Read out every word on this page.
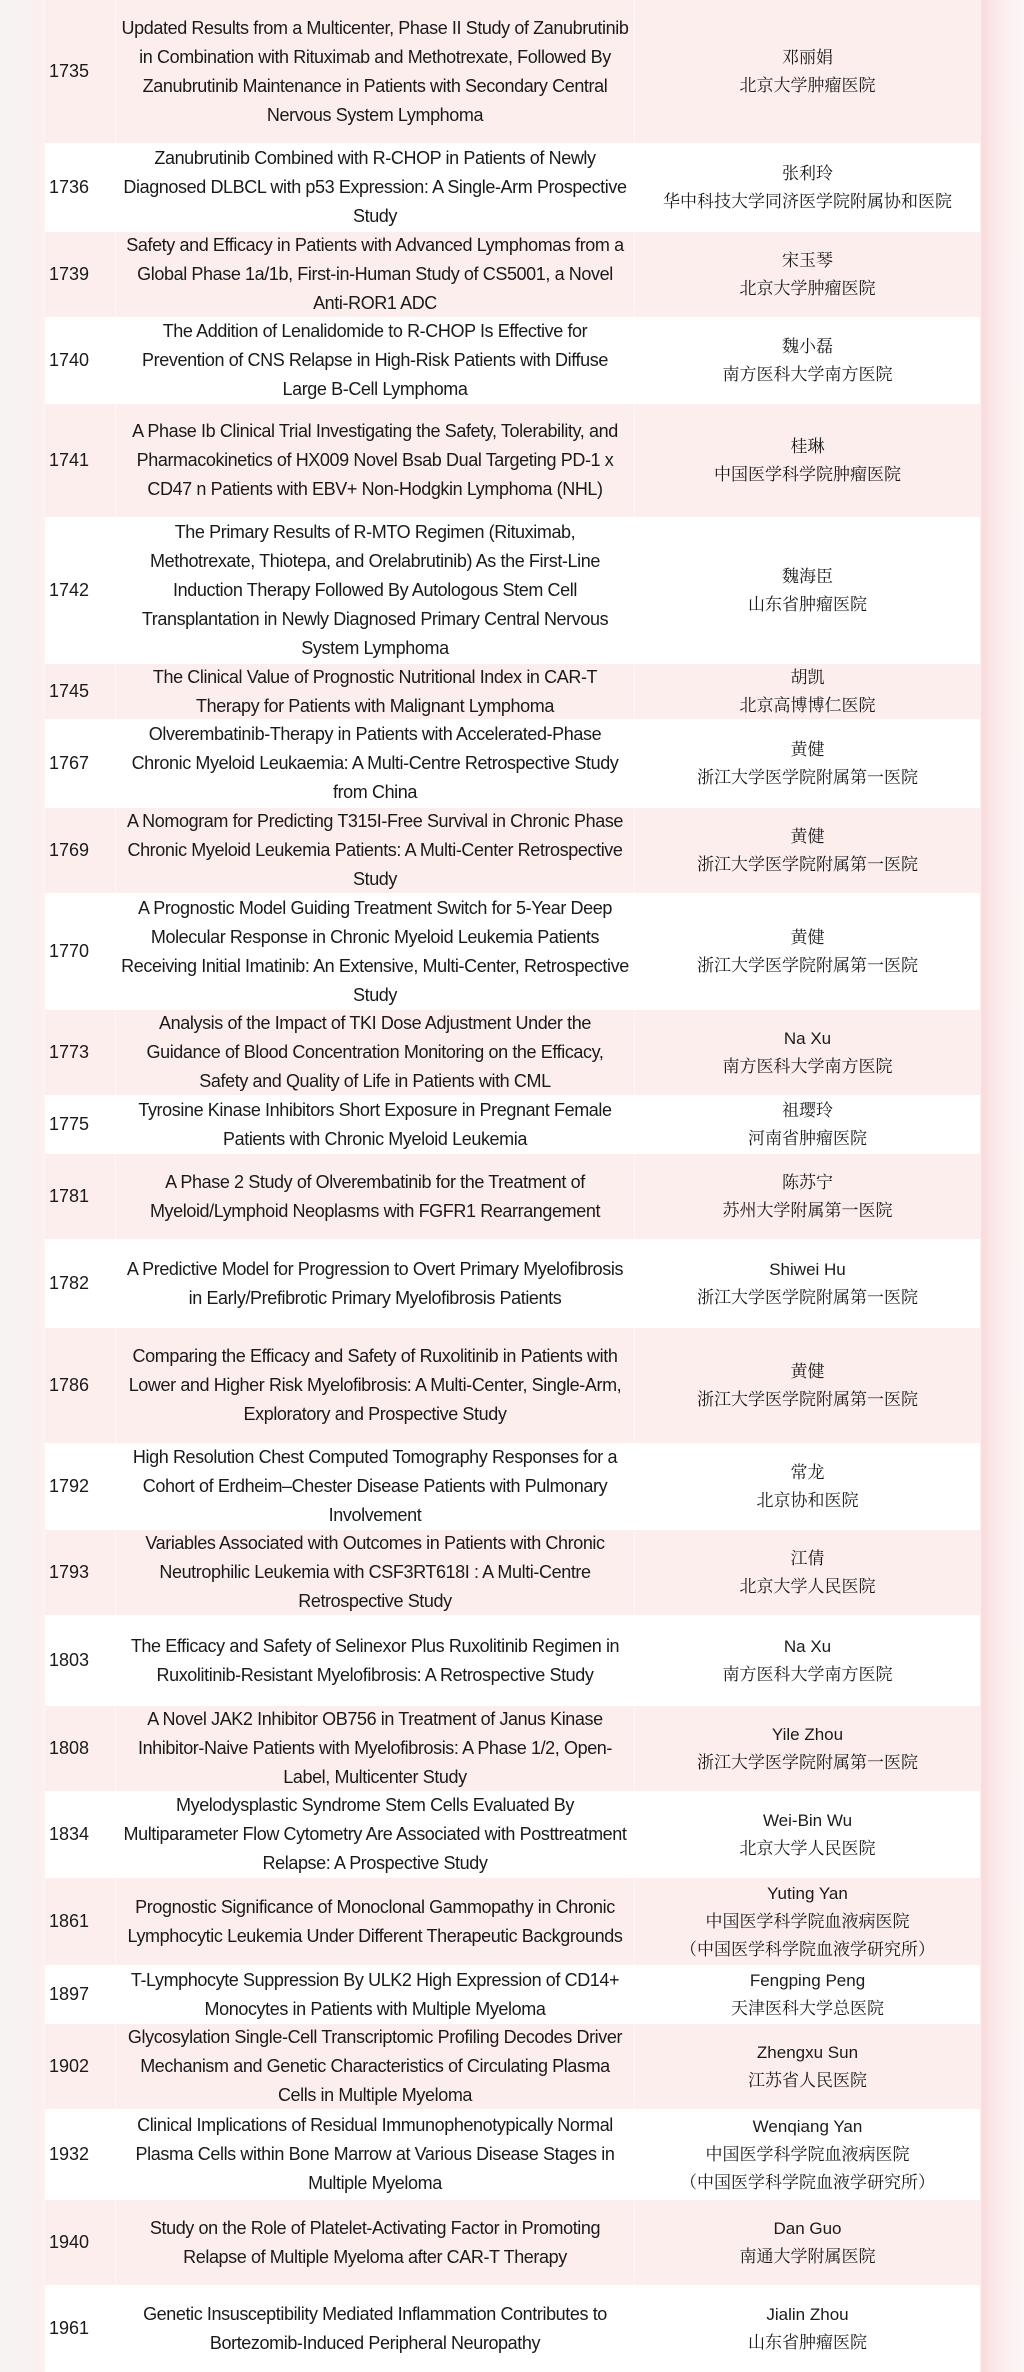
1735
Updated Results from a Multicenter, Phase II Study of Zanubrutinib in Combination with Rituximab and Methotrexate, Followed By Zanubrutinib Maintenance in Patients with Secondary Central Nervous System Lymphoma
邓丽娟
北京大学肿瘤医院
1736
Zanubrutinib Combined with R-CHOP in Patients of Newly Diagnosed DLBCL with p53 Expression: A Single-Arm Prospective Study
张利玲
华中科技大学同济医学院附属协和医院
1739
Safety and Efficacy in Patients with Advanced Lymphomas from a Global Phase 1a/1b, First-in-Human Study of CS5001, a Novel Anti-ROR1 ADC
宋玉琴
北京大学肿瘤医院
1740
The Addition of Lenalidomide to R-CHOP Is Effective for Prevention of CNS Relapse in High-Risk Patients with Diffuse Large B-Cell Lymphoma
魏小磊
南方医科大学南方医院
1741
A Phase Ib Clinical Trial Investigating the Safety, Tolerability, and Pharmacokinetics of HX009 Novel Bsab Dual Targeting PD-1 x CD47 n Patients with EBV+ Non-Hodgkin Lymphoma (NHL)
桂琳
中国医学科学院肿瘤医院
1742
The Primary Results of R-MTO Regimen (Rituximab, Methotrexate, Thiotepa, and Orelabrutinib) As the First-Line Induction Therapy Followed By Autologous Stem Cell Transplantation in Newly Diagnosed Primary Central Nervous System Lymphoma
魏海臣
山东省肿瘤医院
1745
The Clinical Value of Prognostic Nutritional Index in CAR-T Therapy for Patients with Malignant Lymphoma
胡凯
北京高博博仁医院
1767
Olverembatinib-Therapy in Patients with Accelerated-Phase Chronic Myeloid Leukaemia: A Multi-Centre Retrospective Study from China
黄健
浙江大学医学院附属第一医院
1769
A Nomogram for Predicting T315I-Free Survival in Chronic Phase Chronic Myeloid Leukemia Patients: A Multi-Center Retrospective Study
黄健
浙江大学医学院附属第一医院
1770
A Prognostic Model Guiding Treatment Switch for 5-Year Deep Molecular Response in Chronic Myeloid Leukemia Patients Receiving Initial Imatinib: An Extensive, Multi-Center, Retrospective Study
黄健
浙江大学医学院附属第一医院
1773
Analysis of the Impact of TKI Dose Adjustment Under the Guidance of Blood Concentration Monitoring on the Efficacy, Safety and Quality of Life in Patients with CML
Na Xu
南方医科大学南方医院
1775
Tyrosine Kinase Inhibitors Short Exposure in Pregnant Female Patients with Chronic Myeloid Leukemia
祖璎玲
河南省肿瘤医院
1781
A Phase 2 Study of Olverembatinib for the Treatment of Myeloid/Lymphoid Neoplasms with FGFR1 Rearrangement
陈苏宁
苏州大学附属第一医院
1782
A Predictive Model for Progression to Overt Primary Myelofibrosis in Early/Prefibrotic Primary Myelofibrosis Patients
Shiwei Hu
浙江大学医学院附属第一医院
1786
Comparing the Efficacy and Safety of Ruxolitinib in Patients with Lower and Higher Risk Myelofibrosis: A Multi-Center, Single-Arm, Exploratory and Prospective Study
黄健
浙江大学医学院附属第一医院
1792
High Resolution Chest Computed Tomography Responses for a Cohort of Erdheim–Chester Disease Patients with Pulmonary Involvement
常龙
北京协和医院
1793
Variables Associated with Outcomes in Patients with Chronic Neutrophilic Leukemia with CSF3RT618I : A Multi-Centre Retrospective Study
江倩
北京大学人民医院
1803
The Efficacy and Safety of Selinexor Plus Ruxolitinib Regimen in Ruxolitinib-Resistant Myelofibrosis: A Retrospective Study
Na Xu
南方医科大学南方医院
1808
A Novel JAK2 Inhibitor OB756 in Treatment of Janus Kinase Inhibitor-Naive Patients with Myelofibrosis: A Phase 1/2, Open-Label, Multicenter Study
Yile Zhou
浙江大学医学院附属第一医院
1834
Myelodysplastic Syndrome Stem Cells Evaluated By Multiparameter Flow Cytometry Are Associated with Posttreatment Relapse: A Prospective Study
Wei-Bin Wu
北京大学人民医院
1861
Prognostic Significance of Monoclonal Gammopathy in Chronic Lymphocytic Leukemia Under Different Therapeutic Backgrounds
Yuting Yan
中国医学科学院血液病医院
（中国医学科学院血液学研究所）
1897
T-Lymphocyte Suppression By ULK2 High Expression of CD14+ Monocytes in Patients with Multiple Myeloma
Fengping Peng
天津医科大学总医院
1902
Glycosylation Single-Cell Transcriptomic Profiling Decodes Driver Mechanism and Genetic Characteristics of Circulating Plasma Cells in Multiple Myeloma
Zhengxu Sun
江苏省人民医院
1932
Clinical Implications of Residual Immunophenotypically Normal Plasma Cells within Bone Marrow at Various Disease Stages in Multiple Myeloma
Wenqiang Yan
中国医学科学院血液病医院
（中国医学科学院血液学研究所）
1940
Study on the Role of Platelet-Activating Factor in Promoting Relapse of Multiple Myeloma after CAR-T Therapy
Dan Guo
南通大学附属医院
1961
Genetic Insusceptibility Mediated Inflammation Contributes to Bortezomib-Induced Peripheral Neuropathy
Jialin Zhou
山东省肿瘤医院
